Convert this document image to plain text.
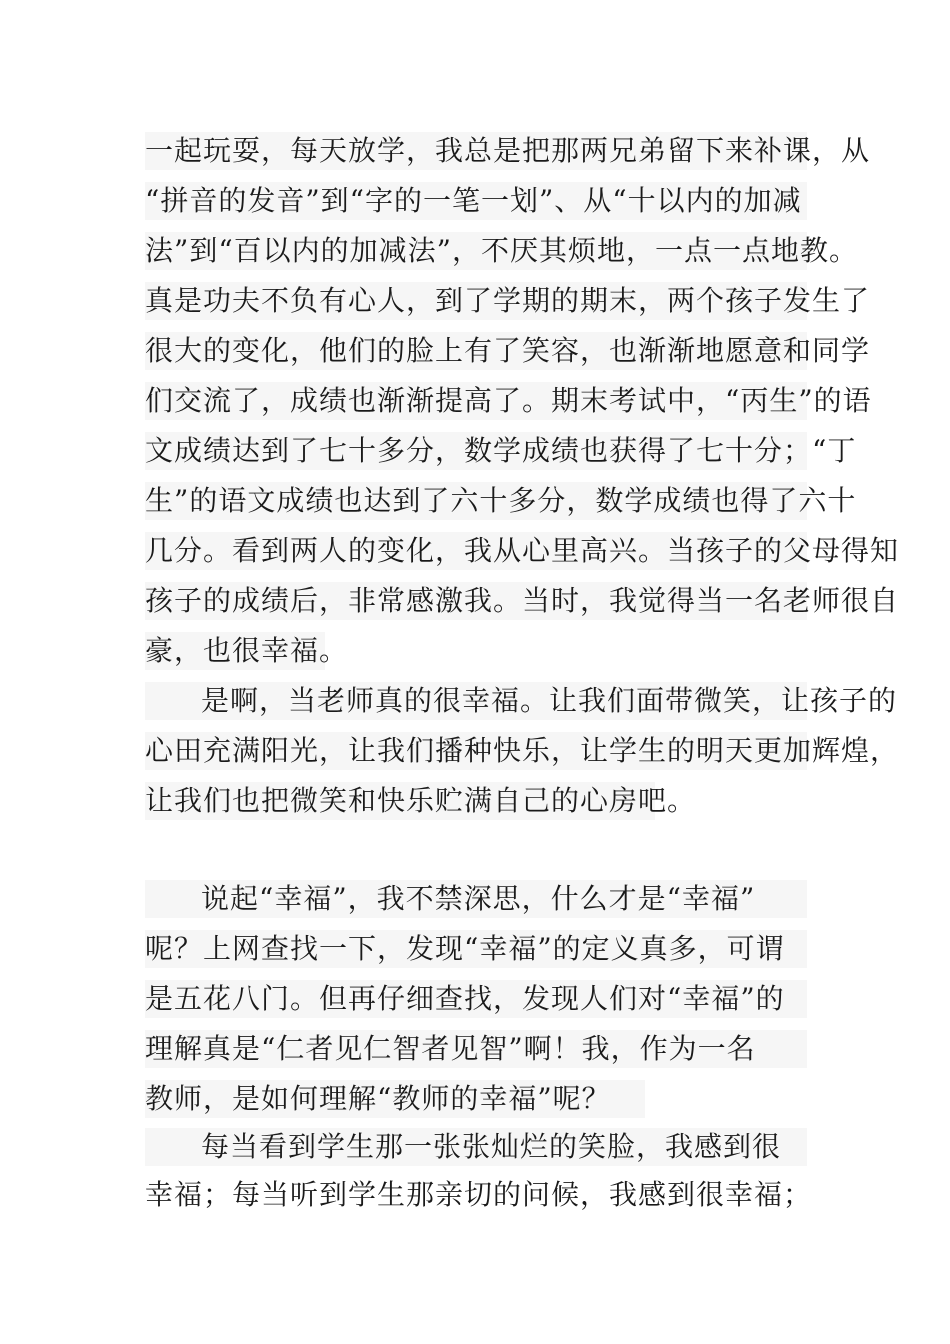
一起玩耍，每天放学，我总是把那两兄弟留下来补课，从
“拼音的发音”到“字的一笔一划”、从“十以内的加减
法”到“百以内的加减法”，不厌其烦地，一点一点地教。
真是功夫不负有心人，到了学期的期末，两个孩子发生了
很大的变化，他们的脸上有了笑容，也渐渐地愿意和同学
们交流了，成绩也渐渐提高了。期末考试中，“丙生”的语
文成绩达到了七十多分，数学成绩也获得了七十分；“丁
生”的语文成绩也达到了六十多分，数学成绩也得了六十
几分。看到两人的变化，我从心里高兴。当孩子的父母得知
孩子的成绩后，非常感激我。当时，我觉得当一名老师很自
豪，也很幸福。
是啊，当老师真的很幸福。让我们面带微笑，让孩子的
心田充满阳光，让我们播种快乐，让学生的明天更加辉煌，
让我们也把微笑和快乐贮满自己的心房吧。
说起“幸福”，我不禁深思，什么才是“幸福”
呢？上网查找一下，发现“幸福”的定义真多，可谓
是五花八门。但再仔细查找，发现人们对“幸福”的
理解真是“仁者见仁智者见智”啊！我，作为一名
教师，是如何理解“教师的幸福”呢？
每当看到学生那一张张灿烂的笑脸，我感到很
幸福；每当听到学生那亲切的问候，我感到很幸福；
